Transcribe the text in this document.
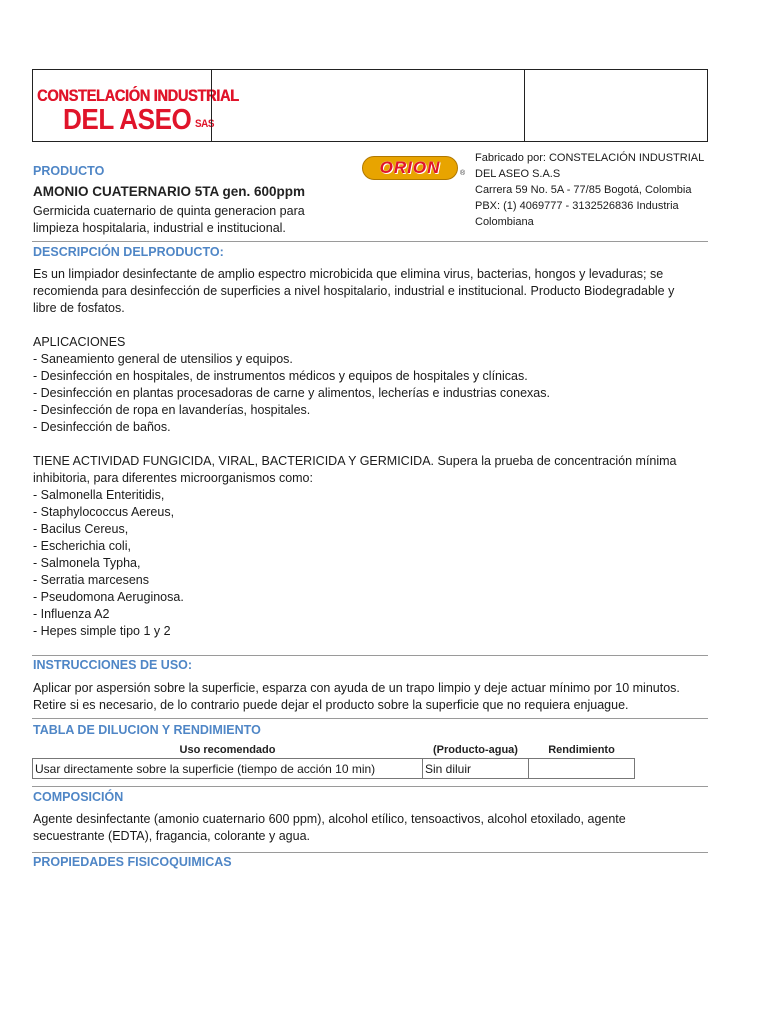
CONSTELACIÓN INDUSTRIAL
DEL ASEO SAS
PRODUCTO
AMONIO CUATERNARIO 5TA gen. 600ppm
Germicida cuaternario de quinta generacion para
limpieza hospitalaria, industrial e institucional.
ORION	®
Fabricado por: CONSTELACIÓN INDUSTRIAL
DEL ASEO S.A.S
Carrera 59 No. 5A - 77/85 Bogotá, Colombia
PBX: (1) 4069777 - 3132526836 Industria
Colombiana
DESCRIPCIÓN DELPRODUCTO:
Es un limpiador desinfectante de amplio espectro microbicida que elimina virus, bacterias, hongos y levaduras; se
recomienda para desinfección de superficies a nivel hospitalario, industrial e institucional. Producto Biodegradable y
libre de fosfatos.
APLICACIONES
- Saneamiento general de utensilios y equipos.
- Desinfección en hospitales, de instrumentos médicos y equipos de hospitales y clínicas.
- Desinfección en plantas procesadoras de carne y alimentos, lecherías e industrias conexas.
- Desinfección de ropa en lavanderías, hospitales.
- Desinfección de baños.
TIENE ACTIVIDAD FUNGICIDA, VIRAL, BACTERICIDA Y GERMICIDA. Supera la prueba de concentración mínima
inhibitoria, para diferentes microorganismos como:
- Salmonella Enteritidis,
- Staphylococcus Aereus,
- Bacilus Cereus,
- Escherichia coli,
- Salmonela Typha,
- Serratia marcesens
- Pseudomona Aeruginosa.
- Influenza A2
- Hepes simple tipo 1 y 2
INSTRUCCIONES DE USO:
Aplicar por aspersión sobre la superficie, esparza con ayuda de un trapo limpio y deje actuar mínimo por 10 minutos.
Retire si es necesario, de lo contrario puede dejar el producto sobre la superficie que no requiera enjuague.
TABLA DE DILUCION Y RENDIMIENTO
Uso recomendado	(Producto-agua)	Rendimiento
Usar directamente sobre la superficie (tiempo de acción 10 min)	Sin diluir	
COMPOSICIÓN
Agente desinfectante (amonio cuaternario 600 ppm), alcohol etílico, tensoactivos, alcohol etoxilado, agente
secuestrante (EDTA), fragancia, colorante y agua.
PROPIEDADES FISICOQUIMICAS
